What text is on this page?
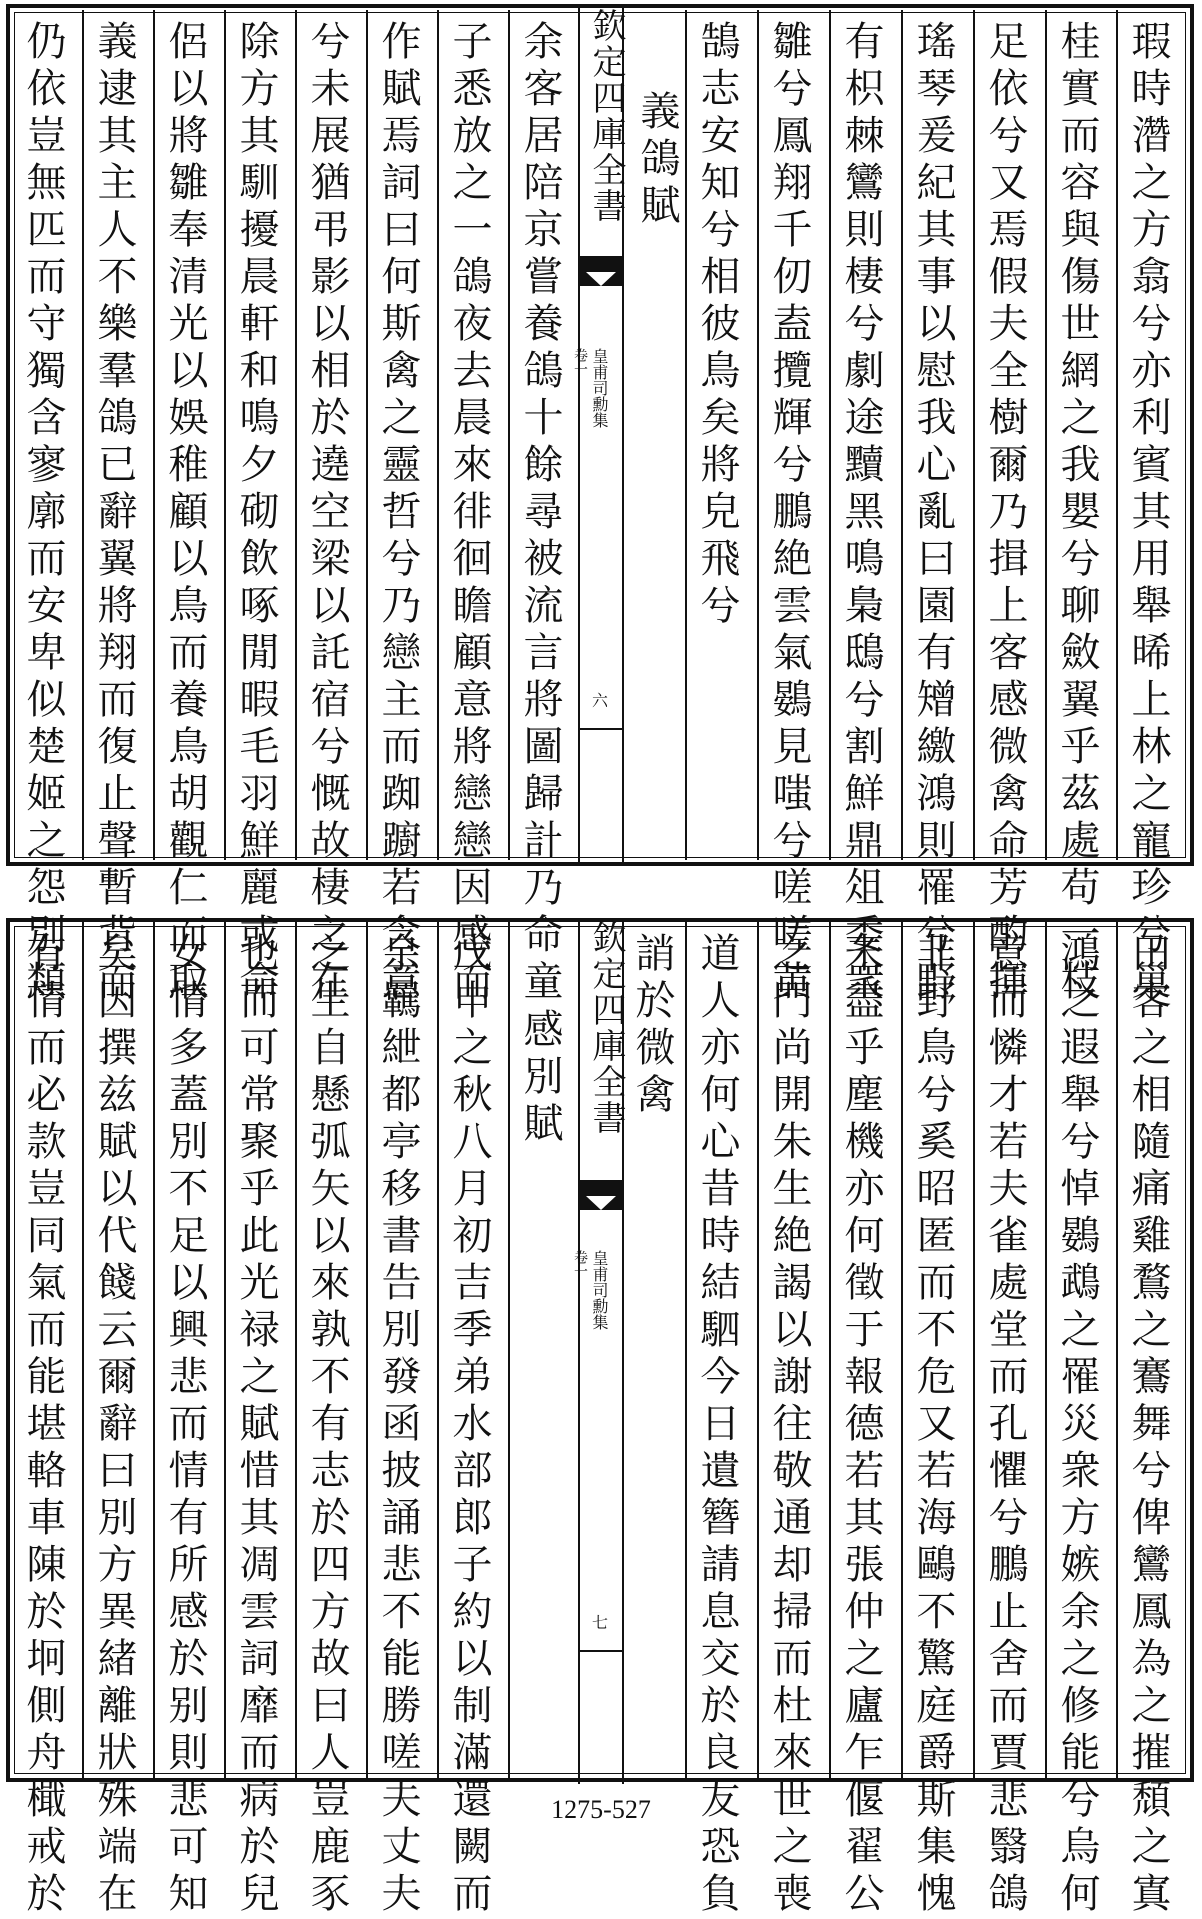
瑕時濳之方翕兮亦利賓其用舉晞上林之寵珍兮巢
桂實而容與傷世網之我嬰兮聊斂翼乎茲處苟一枝
足依兮又焉假夫全樹爾乃揖上客感微禽命芳酌揮
瑤琴爰紀其事以慰我心亂曰園有矰繳鴻則罹兮野
有枳棘鸞則棲兮劇途黷黑鳴梟鴟兮割鮮鼎俎委衆
雛兮鳳翔千仞盍攬輝兮鵬絶雲氣鷃見嗤兮嗟嗟黄
鵠志安知兮相彼鳥矣將皃飛兮
義鴿賦
欽定四庫全書
皇甫司勳集
卷一
六
余客居陪京嘗養鴿十餘尋被流言將圖歸計乃命童
子悉放之一鴿夜去晨來徘徊瞻顧意將戀戀因感而
作賦焉詞曰何斯禽之靈哲兮乃戀主而踟躕若含意
兮未展猶弔影以相於遶空梁以託宿兮慨故棲之在
除方其馴擾晨軒和鳴夕砌飲啄閒暇毛羽鮮麗或命
侶以將雛奉清光以娛稚顧以鳥而養鳥胡觀仁而取
義逮其主人不樂羣鴿已辭翼將翔而復止聲暫背而
仍依豈無匹而守獨含寥廓而安卑似楚姬之怨別類
田客之相隨痛雞鶩之鶱舞兮俾鸞鳳為之摧頹之寘
鴻之遐舉兮悼鷃鵡之罹災衆方嫉余之修能兮烏何
意而憐才若夫雀處堂而孔懼兮鵬止舍而賈悲翳鴿
非野鳥兮奚昭匿而不危又若海鷗不驚庭爵斯集愧
未盡乎塵機亦何徵于報德若其張仲之廬乍偃翟公
之門尚開朱生絶謁以謝往敬通却掃而杜來世之喪
道人亦何心昔時結駟今日遺簪請息交於良友恐負
誚於微禽
欽定四庫全書
皇甫司勳集
卷一
七
感別賦
戊申之秋八月初吉季弟水部郎子約以制滿還闕而
余羈紲都亭移書告別發函披誦悲不能勝嗟夫丈夫
之生自懸弧矢以來孰不有志於四方故曰人豈鹿豕
也而可常聚乎此光禄之賦惜其凋雲詞靡而病於兒
女情多蓋別不足以興悲而情有所感於别則悲可知
矣因撰兹賦以代餞云爾辭曰別方異緒離狀殊端在
有情而必款豈同氣而能堪輅車陳於坰側舟檝戒於	1275-527
